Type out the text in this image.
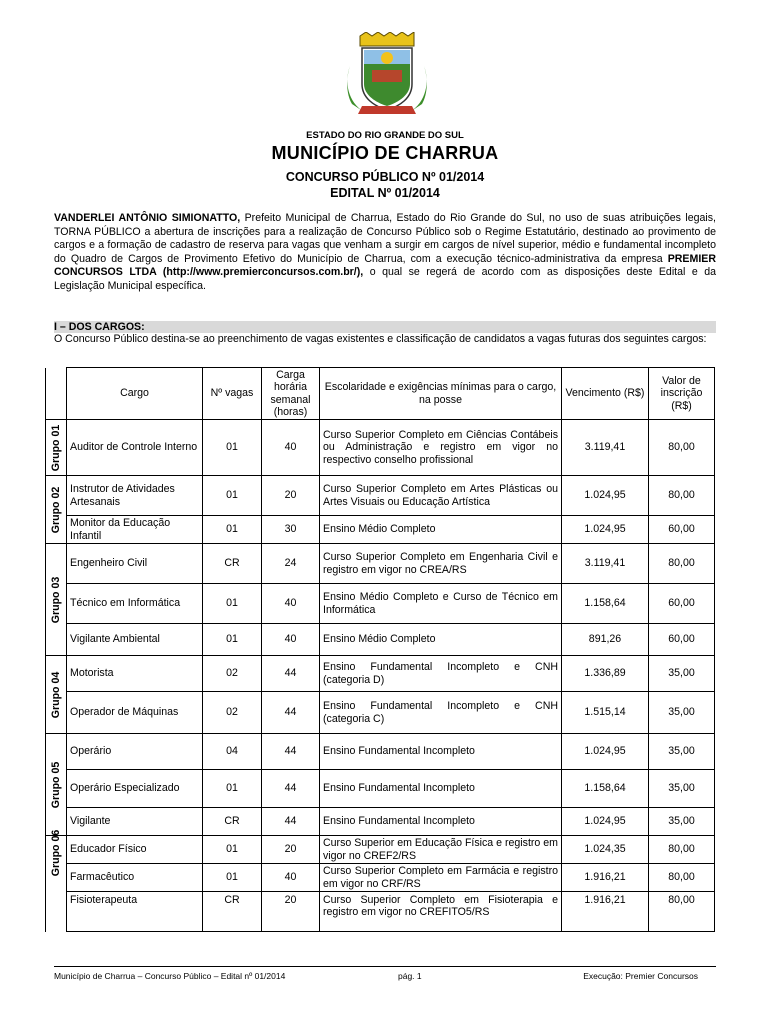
ESTADO DO RIO GRANDE DO SUL
MUNICÍPIO DE CHARRUA
CONCURSO PÚBLICO Nº 01/2014
EDITAL Nº 01/2014
VANDERLEI ANTÔNIO SIMIONATTO, Prefeito Municipal de Charrua, Estado do Rio Grande do Sul, no uso de suas atribuições legais, TORNA PÚBLICO a abertura de inscrições para a realização de Concurso Público sob o Regime Estatutário, destinado ao provimento de cargos e a formação de cadastro de reserva para vagas que venham a surgir em cargos de nível superior, médio e fundamental incompleto do Quadro de Cargos de Provimento Efetivo do Município de Charrua, com a execução técnico-administrativa da empresa PREMIER CONCURSOS LTDA (http://www.premierconcursos.com.br/), o qual se regerá de acordo com as disposições deste Edital e da Legislação Municipal específica.
I – DOS CARGOS:
O Concurso Público destina-se ao preenchimento de vagas existentes e classificação de candidatos a vagas futuras dos seguintes cargos:
	Cargo	Nº vagas	Carga horária semanal (horas)	Escolaridade e exigências mínimas para o cargo, na posse	Vencimento (R$)	Valor de inscrição (R$)

Grupo 01	Auditor de Controle Interno	01	40	Curso Superior Completo em Ciências Contábeis ou Administração e registro em vigor no respectivo conselho profissional	3.119,41	80,00

Grupo 02	Instrutor de Atividades Artesanais	01	20	Curso Superior Completo em Artes Plásticas ou Artes Visuais ou Educação Artística	1.024,95	80,00
	Monitor da Educação Infantil	01	30	Ensino Médio Completo	1.024,95	60,00

Grupo 03	Engenheiro Civil	CR	24	Curso Superior Completo em Engenharia Civil e registro em vigor no CREA/RS	3.119,41	80,00
	Técnico em Informática	01	40	Ensino Médio Completo e Curso de Técnico em Informática	1.158,64	60,00
	Vigilante Ambiental	01	40	Ensino Médio Completo	891,26	60,00

Grupo 04	Motorista	02	44	Ensino Fundamental Incompleto e CNH (categoria D)	1.336,89	35,00
	Operador de Máquinas	02	44	Ensino Fundamental Incompleto e CNH (categoria C)	1.515,14	35,00

Grupo 05	Operário	04	44	Ensino Fundamental Incompleto	1.024,95	35,00
	Operário Especializado	01	44	Ensino Fundamental Incompleto	1.158,64	35,00
	Vigilante	CR	44	Ensino Fundamental Incompleto	1.024,95	35,00

Grupo 06	Educador Físico	01	20	Curso Superior em Educação Física e registro em vigor no CREF2/RS	1.024,35	80,00
	Farmacêutico	01	40	Curso Superior Completo em Farmácia e registro em vigor no CRF/RS	1.916,21	80,00
	Fisioterapeuta	CR	20	Curso Superior Completo em Fisioterapia e registro em vigor no CREFITO5/RS	1.916,21	80,00
Município de Charrua – Concurso Público – Edital nº 01/2014	pág. 1	Execução: Premier Concursos
